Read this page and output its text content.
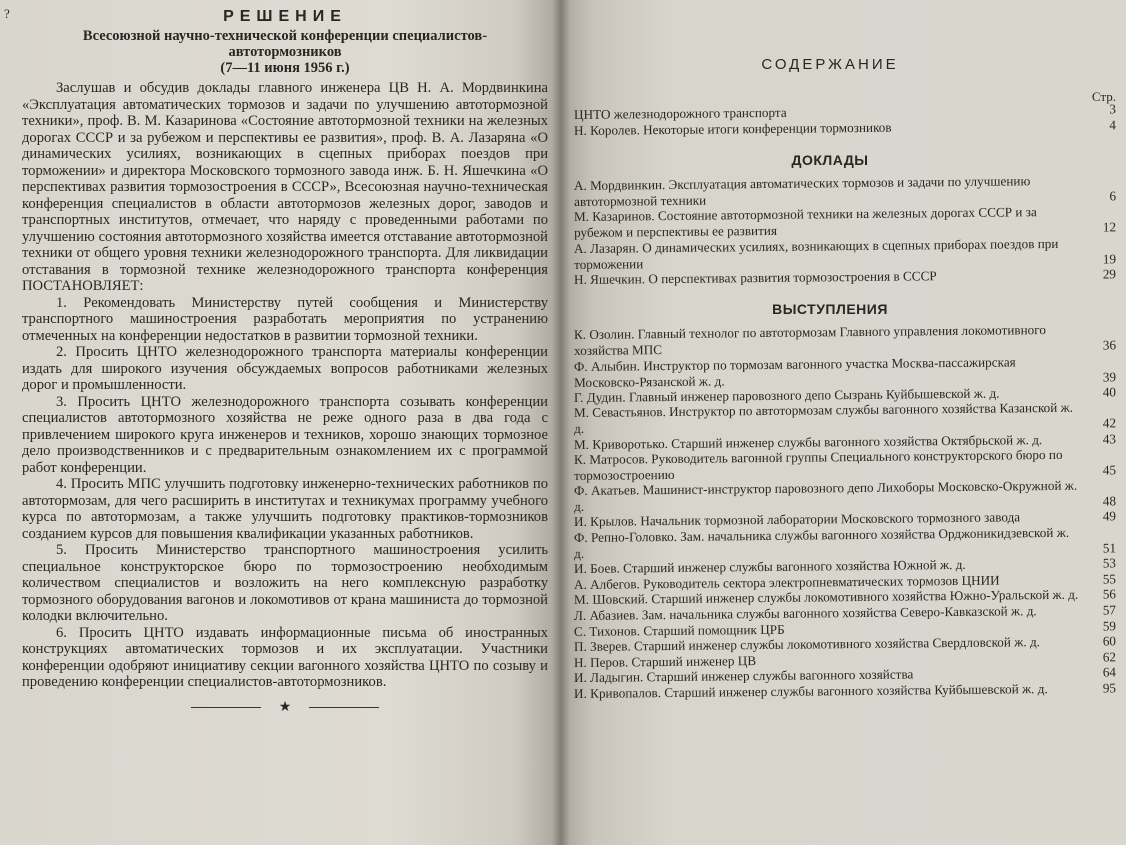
?	РЕШЕНИЕ
Всесоюзной научно-технической конференции специалистов-
автотормозников
(7—11 июня 1956 г.)

Заслушав и обсудив доклады главного инженера ЦВ Н. А. Мордвинкина «Эксплуатация автоматических тормозов и задачи по улучшению автотормозной техники», проф. В. М. Казаринова «Состояние автотормозной техники на железных дорогах СССР и за рубежом и перспективы ее развития», проф. В. А. Лазаряна «О динамических усилиях, возникающих в сцепных приборах поездов при торможении» и директора Московского тормозного завода инж. Б. Н. Яшечкина «О перспективах развития тормозостроения в СССР», Всесоюзная научно-техническая конференция специалистов в области автотормозов железных дорог, заводов и транспортных институтов, отмечает, что наряду с проведенными работами по улучшению состояния автотормозного хозяйства имеется отставание автотормозной техники от общего уровня техники железнодорожного транспорта. Для ликвидации отставания в тормозной технике железнодорожного транспорта конференция ПОСТАНОВЛЯЕТ:

1. Рекомендовать Министерству путей сообщения и Министерству транспортного машиностроения разработать мероприятия по устранению отмеченных на конференции недостатков в развитии тормозной техники.

2. Просить ЦНТО железнодорожного транспорта материалы конференции издать для широкого изучения обсуждаемых вопросов работниками железных дорог и промышленности.

3. Просить ЦНТО железнодорожного транспорта созывать конференции специалистов автотормозного хозяйства не реже одного раза в два года с привлечением широкого круга инженеров и техников, хорошо знающих тормозное дело производственников и с предварительным ознакомлением их с программой работ конференции.

4. Просить МПС улучшить подготовку инженерно-технических работников по автотормозам, для чего расширить в институтах и техникумах программу учебного курса по автотормозам, а также улучшить подготовку практиков-тормозников созданием курсов для повышения квалификации указанных работников.

5. Просить Министерство транспортного машиностроения усилить специальное конструкторское бюро по тормозостроению необходимым количеством специалистов и возложить на него комплексную разработку тормозного оборудования вагонов и локомотивов от крана машиниста до тормозной колодки включительно.

6. Просить ЦНТО издавать информационные письма об иностранных конструкциях автоматических тормозов и их эксплуатации. Участники конференции одобряют инициативу секции вагонного хозяйства ЦНТО по созыву и проведению конференции специалистов-автотормозников.

★
СОДЕРЖАНИЕ
Стр.
ЦНТО железнодорожного транспорта	3
Н. Королев. Некоторые итоги конференции тормозников	4
ДОКЛАДЫ
А. Мордвинкин. Эксплуатация автоматических тормозов и задачи по улучшению автотормозной техники	6
М. Казаринов. Состояние автотормозной техники на железных дорогах СССР и за рубежом и перспективы ее развития	12
А. Лазарян. О динамических усилиях, возникающих в сцепных приборах поездов при торможении	19
Н. Яшечкин. О перспективах развития тормозостроения в СССР	29
ВЫСТУПЛЕНИЯ
К. Озолин. Главный технолог по автотормозам Главного управления локомотивного хозяйства МПС	36
Ф. Алыбин. Инструктор по тормозам вагонного участка Москва-пассажирская Московско-Рязанской ж. д.	39
Г. Дудин. Главный инженер паровозного депо Сызрань Куйбышевской ж. д.	40
М. Севастьянов. Инструктор по автотормозам службы вагонного хозяйства Казанской ж. д.	42
М. Криворотько. Старший инженер службы вагонного хозяйства Октябрьской ж. д.	43
К. Матросов. Руководитель вагонной группы Специального конструкторского бюро по тормозостроению	45
Ф. Акатьев. Машинист-инструктор паровозного депо Лихоборы Московско-Окружной ж. д.	48
И. Крылов. Начальник тормозной лаборатории Московского тормозного завода	49
Ф. Репно-Головко. Зам. начальника службы вагонного хозяйства Орджоникидзевской ж. д.	51
И. Боев. Старший инженер службы вагонного хозяйства Южной ж. д.	53
А. Албегов. Руководитель сектора электропневматических тормозов ЦНИИ	55
М. Шовский. Старший инженер службы локомотивного хозяйства Южно-Уральской ж. д.	56
Л. Абазиев. Зам. начальника службы вагонного хозяйства Северо-Кавказской ж. д.	57
С. Тихонов. Старший помощник ЦРБ	59
П. Зверев. Старший инженер службы локомотивного хозяйства Свердловской ж. д.	60
Н. Перов. Старший инженер ЦВ	62
И. Ладыгин. Старший инженер службы вагонного хозяйства	64
И. Кривопалов. Старший инженер службы вагонного хозяйства Куйбышевской ж. д.	95
